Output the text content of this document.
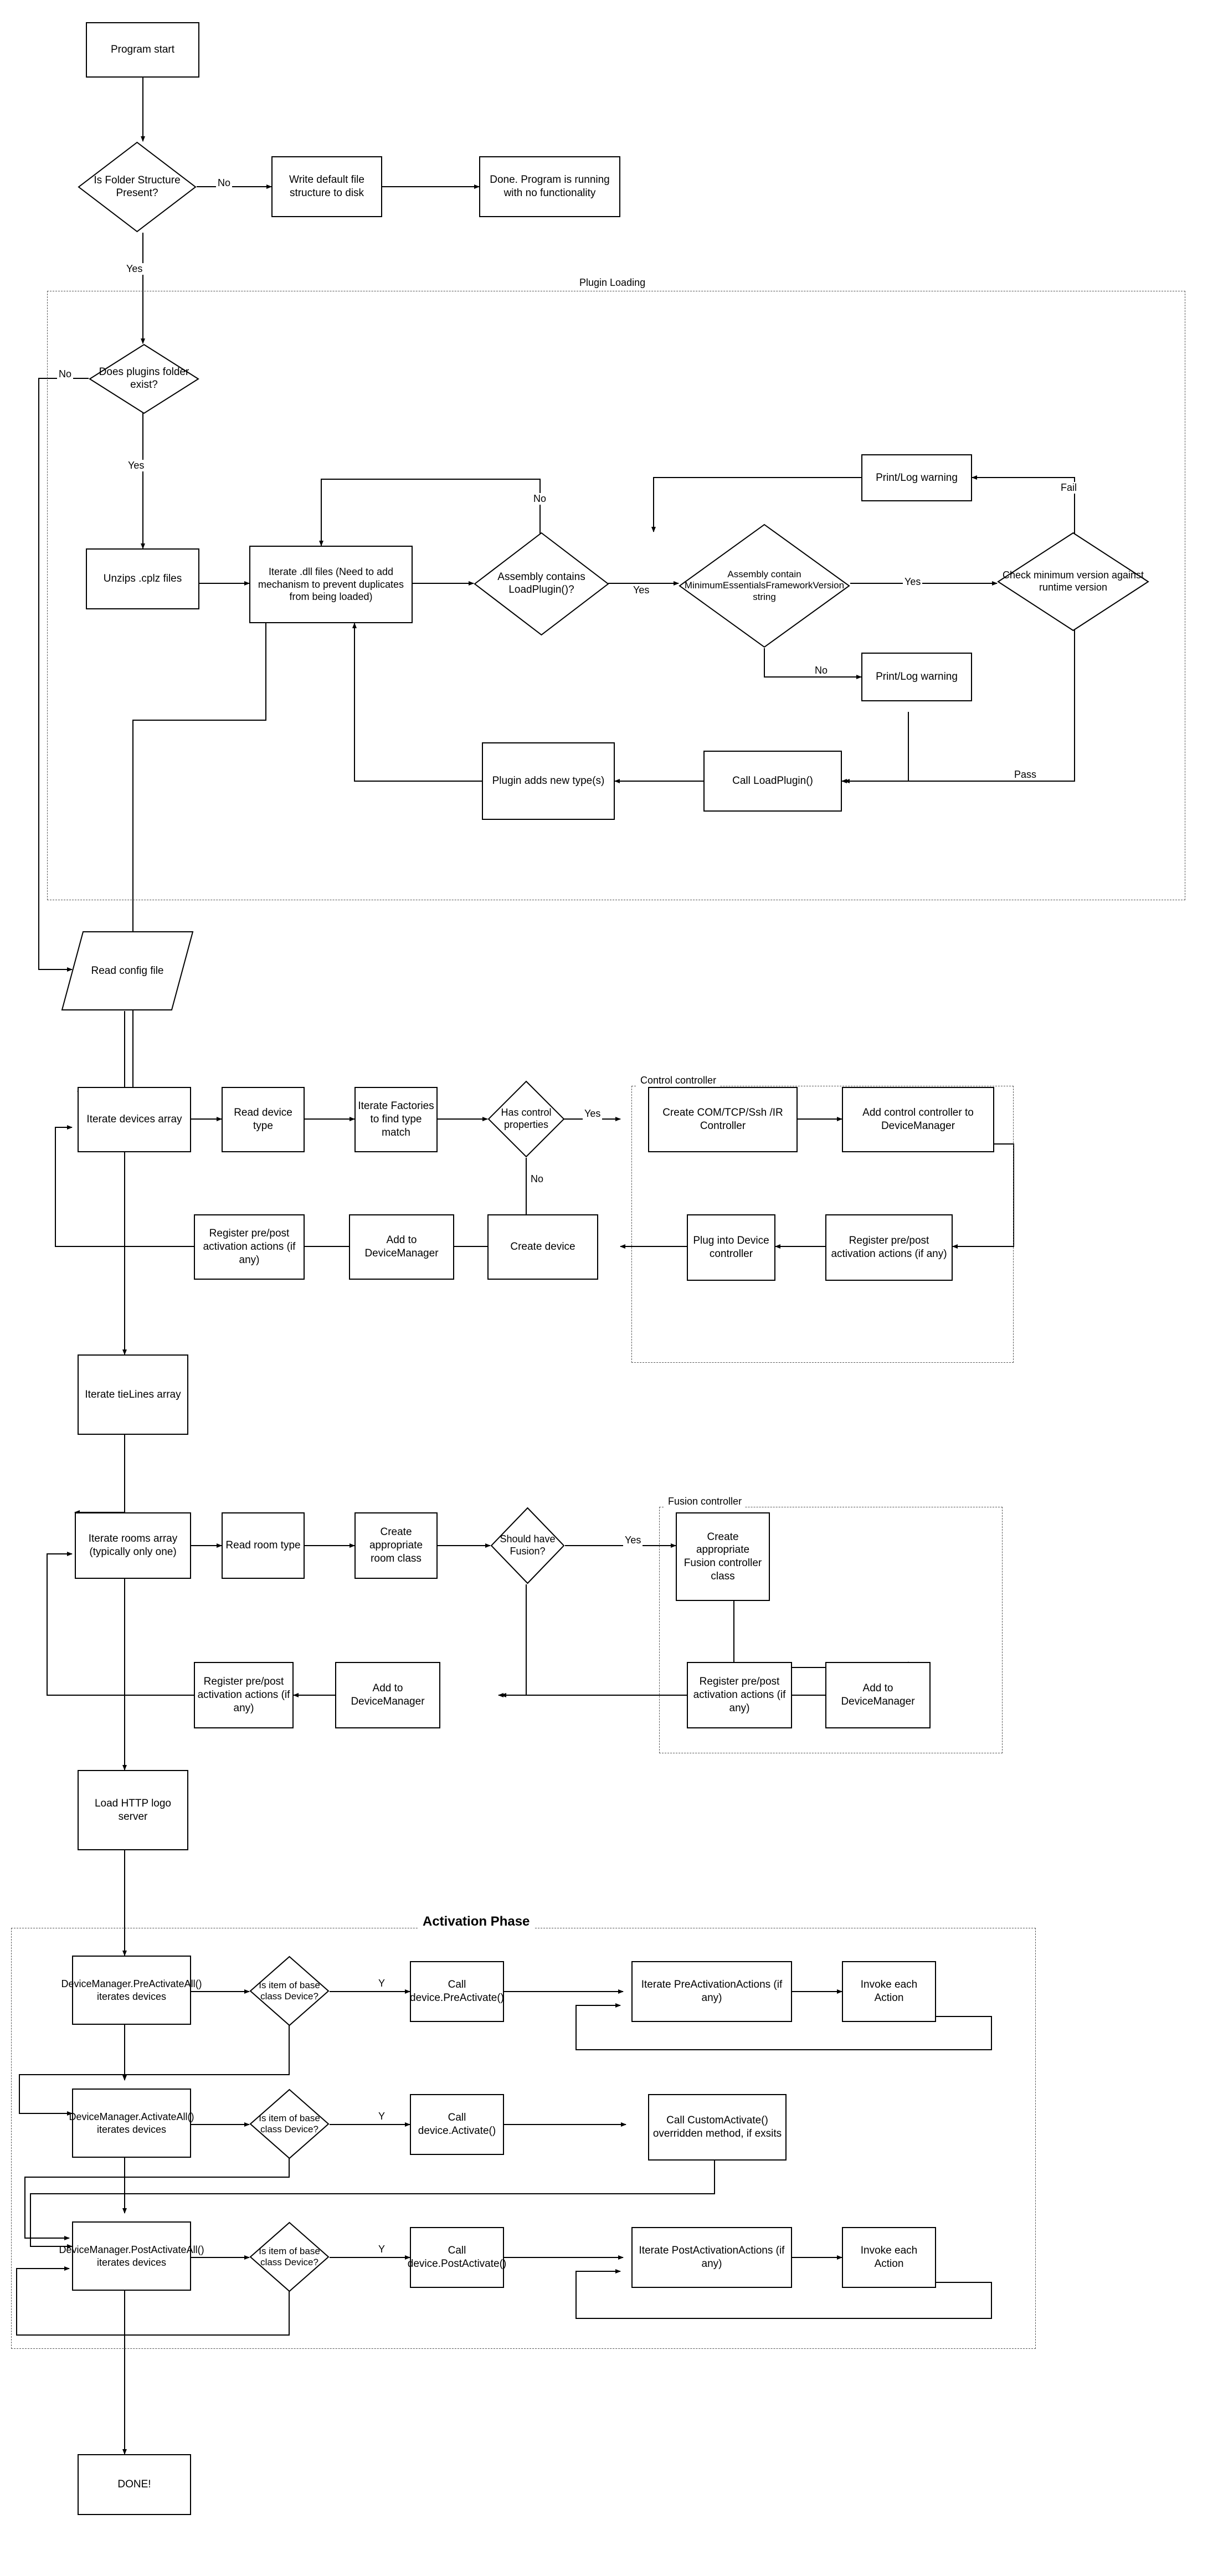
Plugin Loading
Control controller
Fusion controller
Activation Phase
Program start
Is Folder Structure Present?
Write default file structure to disk
Done. Program is running with no functionality
Does plugins folder exist?
Unzips .cplz files
Iterate .dll files (Need to add mechanism to prevent duplicates from being loaded)
Assembly contains LoadPlugin()?
Assembly contain MinimumEssentialsFrameworkVersion string
Print/Log warning
Print/Log warning
Check minimum version against runtime version
Call LoadPlugin()
Plugin adds new type(s)
Read config file
Iterate devices array
Read device type
Iterate Factories to find type match
Has control properties
Create COM/TCP/Ssh /IR Controller
Add control controller to DeviceManager
Plug into Device controller
Register pre/post activation actions (if any)
Create device
Add to DeviceManager
Register pre/post activation actions (if any)
Iterate tieLines array
Iterate rooms array (typically only one)
Read room type
Create appropriate room class
Should have Fusion?
Create appropriate Fusion controller class
Add to DeviceManager
Register pre/post activation actions (if any)
Add to DeviceManager
Register pre/post activation actions (if any)
Load HTTP logo server
DeviceManager.PreActivateAll() iterates devices
Is item of base class Device?
Call device.PreActivate()
Iterate PreActivationActions (if any)
Invoke each Action
DeviceManager.ActivateAll() iterates devices
Is item of base class Device?
Call device.Activate()
Call CustomActivate() overridden method, if exsits
DeviceManager.PostActivateAll() iterates devices
Is item of base class Device?
Call device.PostActivate()
Iterate PostActivationActions (if any)
Invoke each Action
DONE!
No
Yes
No
Yes
No
Yes
Yes
No
Fail
Pass
Yes
No
Yes
Y
Y
Y
